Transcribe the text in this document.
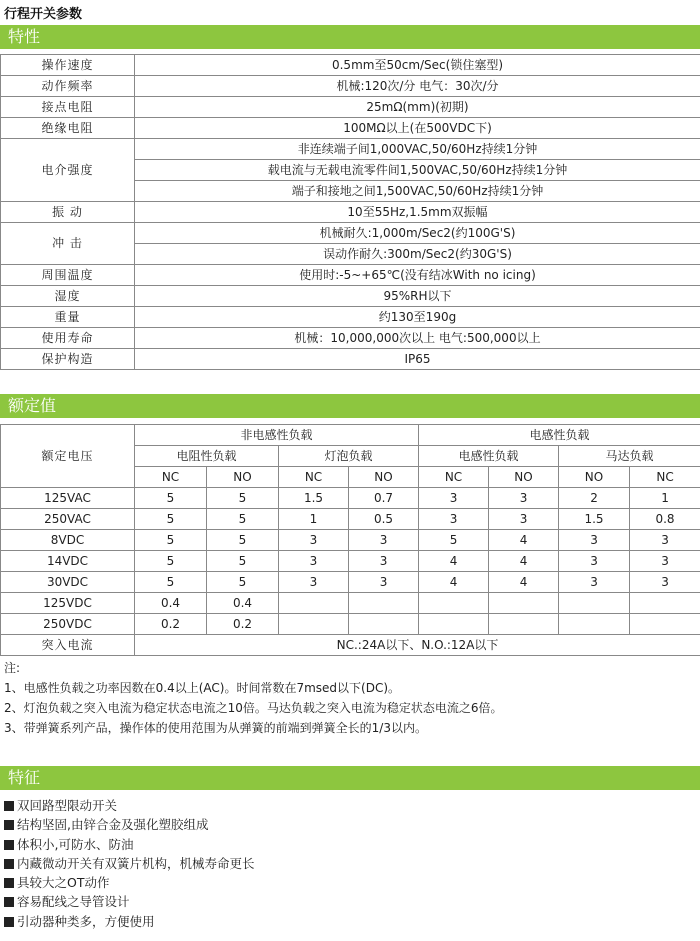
行程开关参数
特性
操作速度	0.5mm至50cm/Sec(锁住塞型)
动作频率	机械:120次/分 电气：30次/分
接点电阻	25mΩ(mm)(初期)
绝缘电阻	100MΩ以上(在500VDC下)
电介强度	非连续端子间1,000VAC,50/60Hz持续1分钟
	载电流与无载电流零件间1,500VAC,50/60Hz持续1分钟
	端子和接地之间1,500VAC,50/60Hz持续1分钟
振 动	10至55Hz,1.5mm双振幅
冲 击	机械耐久:1,000m/Sec2(约100G'S)
	误动作耐久:300m/Sec2(约30G'S)
周围温度	使用时:-5~+65℃(没有结冰With no icing)
湿度	95%RH以下
重量	约130至190g
使用寿命	机械：10,000,000次以上 电气:500,000以上
保护构造	IP65
额定值
额定电压	非电感性负载				电感性负载			
	电阻性负载		灯泡负载		电感性负载		马达负载	
	NC	NO	NC	NO	NC	NO	NO	NC
125VAC	5	5	1.5	0.7	3	3	2	1
250VAC	5	5	1	0.5	3	3	1.5	0.8
8VDC	5	5	3	3	5	4	3	3
14VDC	5	5	3	3	4	4	3	3
30VDC	5	5	3	3	4	4	3	3
125VDC	0.4	0.4						
250VDC	0.2	0.2						
突入电流	NC.:24A以下、N.O.:12A以下							
注:
1、电感性负载之功率因数在0.4以上(AC)。时间常数在7msed以下(DC)。
2、灯泡负载之突入电流为稳定状态电流之10倍。马达负载之突入电流为稳定状态电流之6倍。
3、带弹簧系列产品，操作体的使用范围为从弹簧的前端到弹簧全长的1/3以内。
特征
双回路型限动开关
结构坚固,由锌合金及强化塑胶组成
体积小,可防水、防油
内藏微动开关有双簧片机构，机械寿命更长
具较大之OT动作
容易配线之导管设计
引动器种类多，方便使用
